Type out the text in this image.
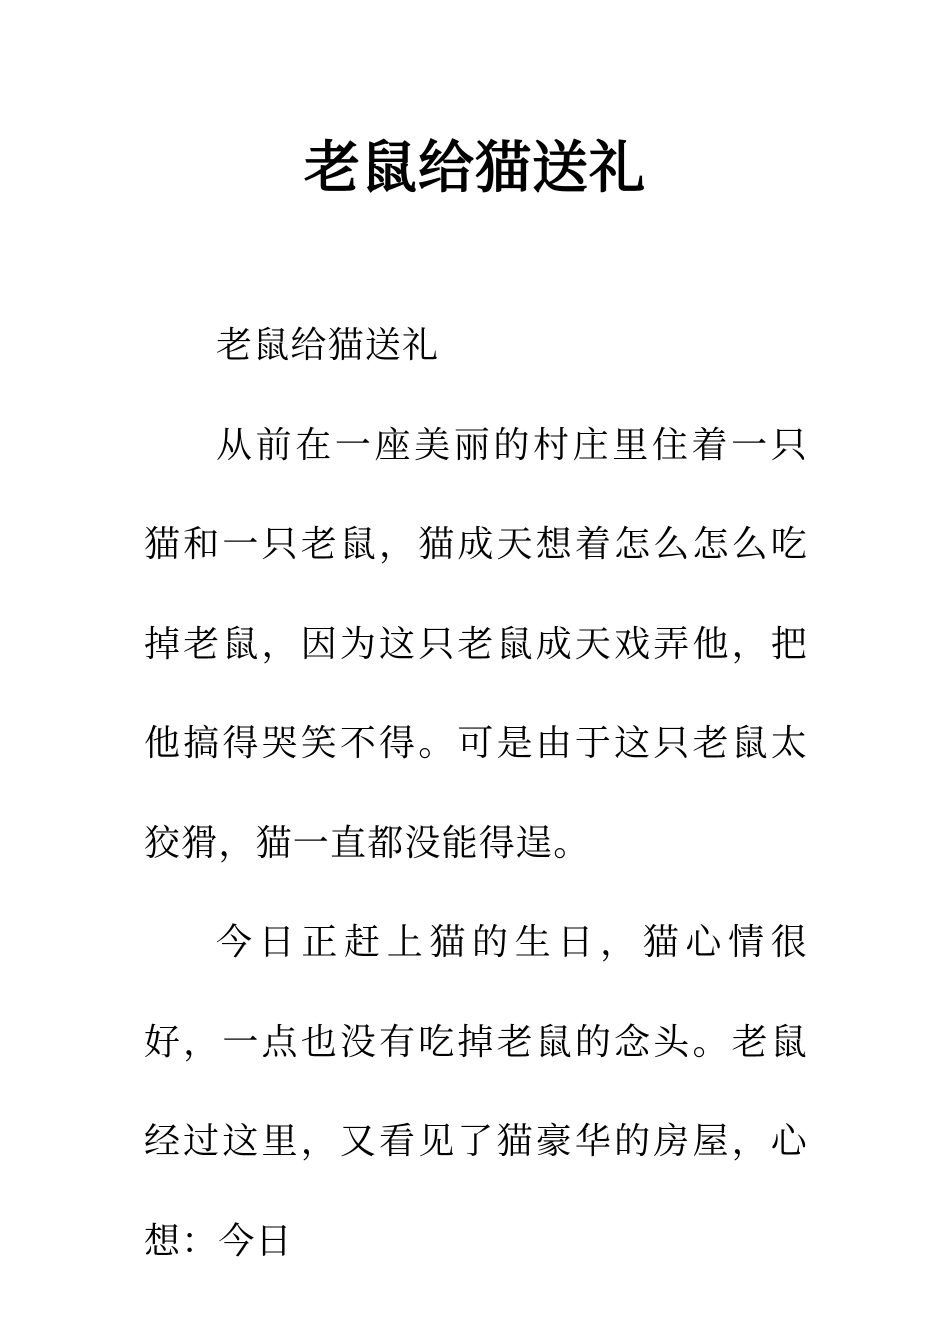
老鼠给猫送礼

老鼠给猫送礼

从前在一座美丽的村庄里住着一只猫和一只老鼠，猫成天想着怎么怎么吃掉老鼠，因为这只老鼠成天戏弄他，把他搞得哭笑不得。可是由于这只老鼠太狡猾，猫一直都没能得逞。

今日正赶上猫的生日，猫心情很好，一点也没有吃掉老鼠的念头。老鼠经过这里，又看见了猫豪华的房屋，心想：今日
